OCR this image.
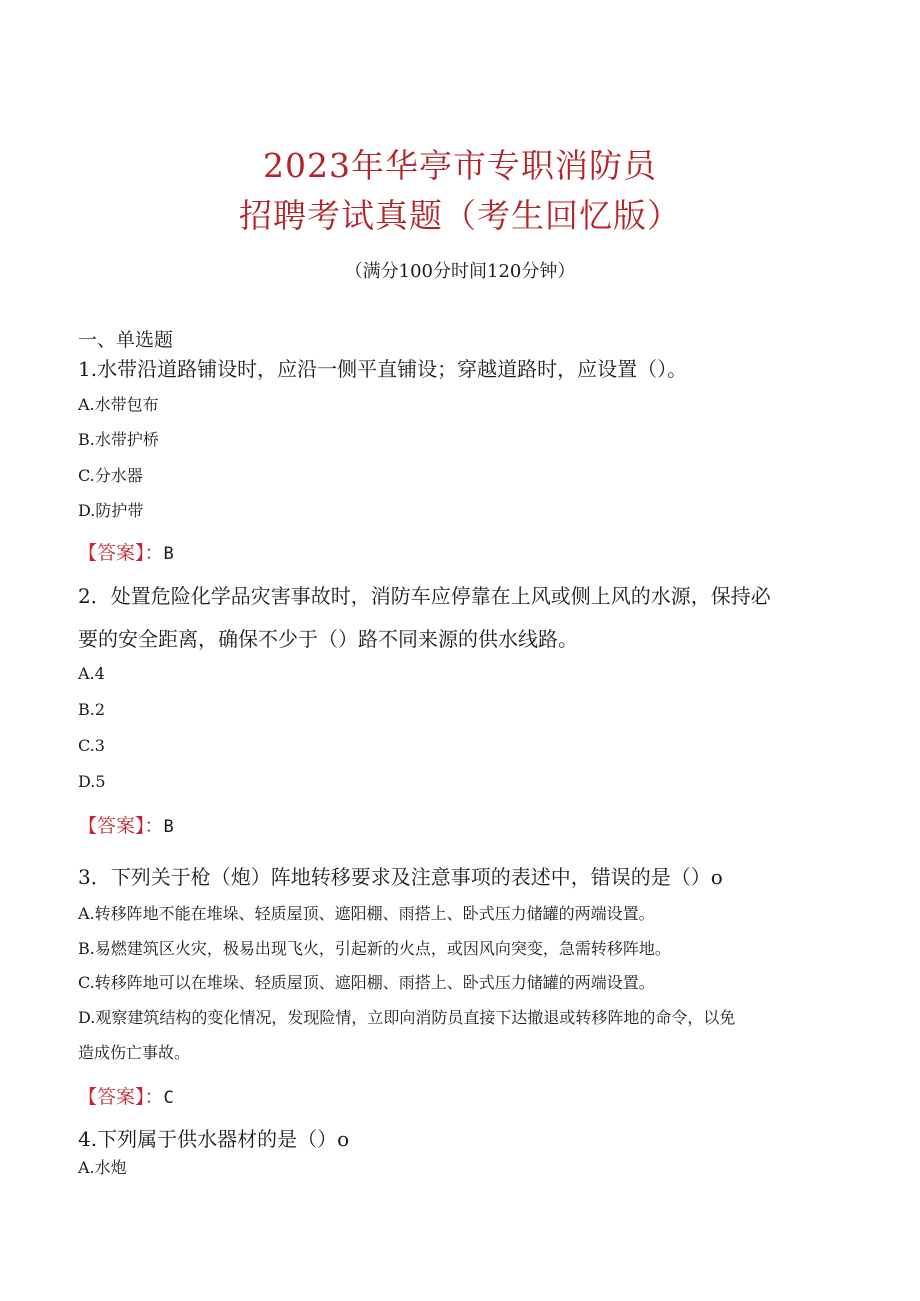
2023年华亭市专职消防员
招聘考试真题（考生回忆版）
（满分100分时间120分钟）
一、单选题
1.水带沿道路铺设时，应沿一侧平直铺设；穿越道路时，应设置（）。
A.水带包布
B.水带护桥
C.分水器
D.防护带
【答案】：B
2．处置危险化学品灾害事故时，消防车应停靠在上风或侧上风的水源，保持必
要的安全距离，确保不少于（）路不同来源的供水线路。
A.4
B.2
C.3
D.5
【答案】：B
3．下列关于枪（炮）阵地转移要求及注意事项的表述中，错误的是（）o
A.转移阵地不能在堆垛、轻质屋顶、遮阳棚、雨搭上、卧式压力储罐的两端设置。
B.易燃建筑区火灾，极易出现飞火，引起新的火点，或因风向突变，急需转移阵地。
C.转移阵地可以在堆垛、轻质屋顶、遮阳棚、雨搭上、卧式压力储罐的两端设置。
D.观察建筑结构的变化情况，发现险情，立即向消防员直接下达撤退或转移阵地的命令，以免
造成伤亡事故。
【答案】：C
4.下列属于供水器材的是（）o
A.水炮
